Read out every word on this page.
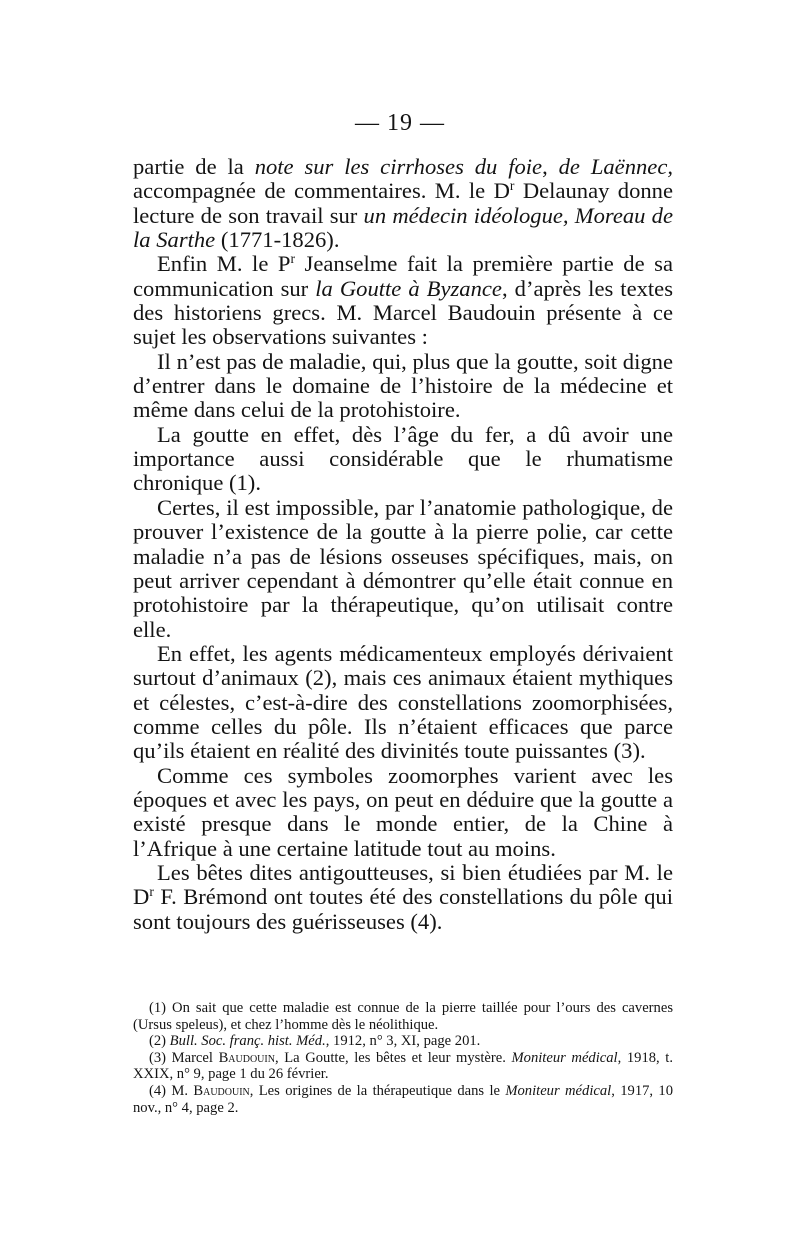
— 19 —

partie de la note sur les cirrhoses du foie, de Laënnec, accompagnée de commentaires. M. le $D^r$ Delaunay donne lecture de son travail sur un médecin idéologue, Moreau de la Sarthe (1771-1826).

Enfin M. le $P^r$ Jeanselme fait la première partie de sa communication sur la Goutte à Byzance, d’après les textes des historiens grecs. M. Marcel Baudouin présente à ce sujet les observations suivantes :

Il n’est pas de maladie, qui, plus que la goutte, soit digne d’entrer dans le domaine de l’histoire de la médecine et même dans celui de la protohistoire.

La goutte en effet, dès l’âge du fer, a dû avoir une importance aussi considérable que le rhumatisme chronique (1).

Certes, il est impossible, par l’anatomie pathologique, de prouver l’existence de la goutte à la pierre polie, car cette maladie n’a pas de lésions osseuses spécifiques, mais, on peut arriver cependant à démontrer qu’elle était connue en protohistoire par la thérapeutique, qu’on utilisait contre elle.

En effet, les agents médicamenteux employés dérivaient surtout d’animaux (2), mais ces animaux étaient mythiques et célestes, c’est-à-dire des constellations zoomorphisées, comme celles du pôle. Ils n’étaient efficaces que parce qu’ils étaient en réalité des divinités toute puissantes (3).

Comme ces symboles zoomorphes varient avec les époques et avec les pays, on peut en déduire que la goutte a existé presque dans le monde entier, de la Chine à l’Afrique à une certaine latitude tout au moins.

Les bêtes dites antigoutteuses, si bien étudiées par M. le $D^r$ F. Brémond ont toutes été des constellations du pôle qui sont toujours des guérisseuses (4).

(1) On sait que cette maladie est connue de la pierre taillée pour l’ours des cavernes (Ursus speleus), et chez l’homme dès le néolithique.

(2) Bull. Soc. franç. hist. Méd., 1912, n° 3, XI, page 201.

(3) Marcel Baudouin, La Goutte, les bêtes et leur mystère. Moniteur médical, 1918, t. XXIX, n° 9, page 1 du 26 février.

(4) M. Baudouin, Les origines de la thérapeutique dans le Moniteur médical, 1917, 10 nov., n° 4, page 2.
